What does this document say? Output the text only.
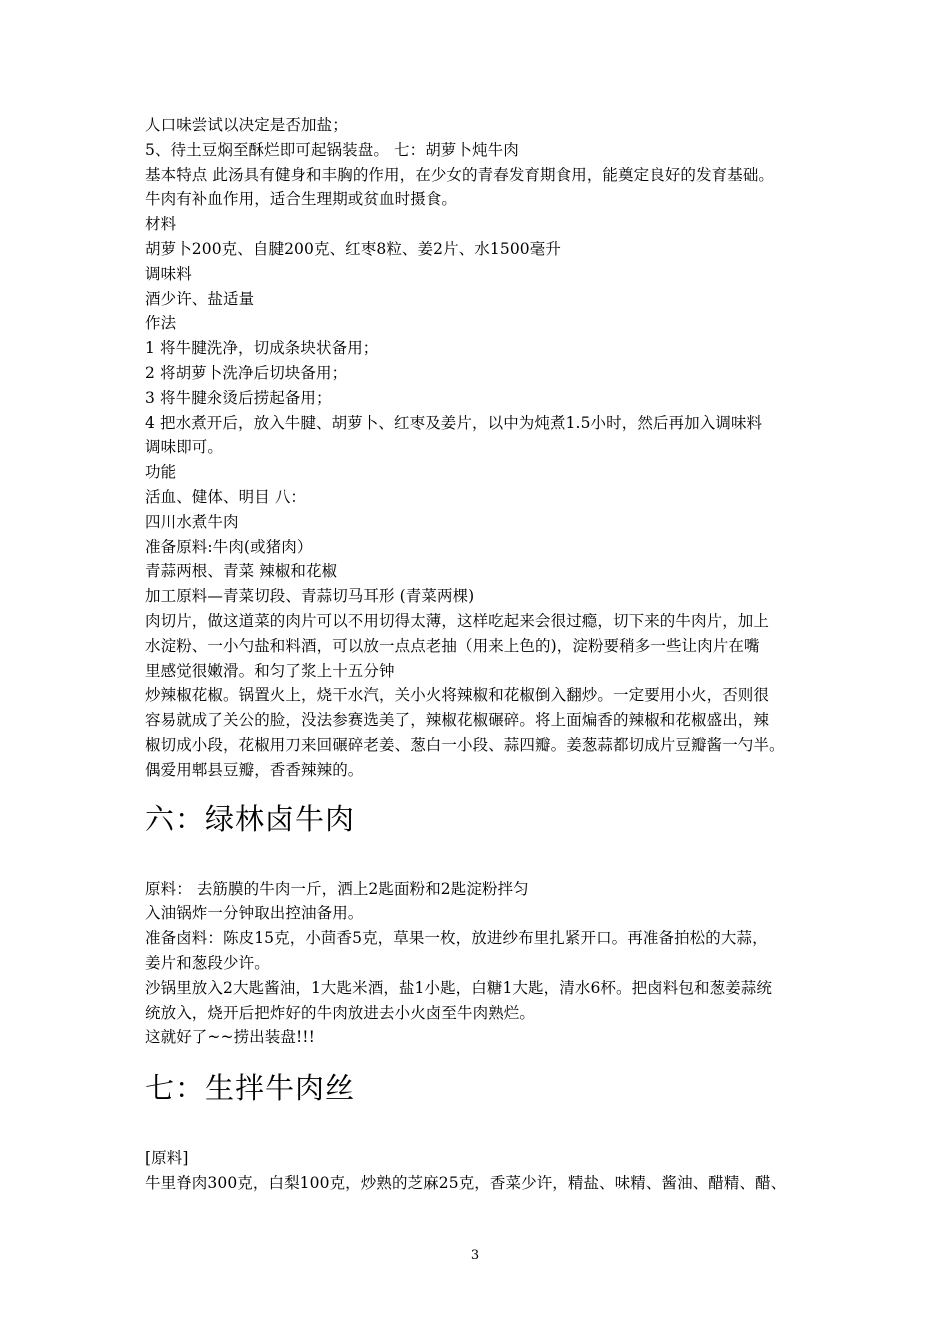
人口味尝试以决定是否加盐；
5、待土豆焖至酥烂即可起锅装盘。 七：胡萝卜炖牛肉
基本特点 此汤具有健身和丰胸的作用，在少女的青春发育期食用，能奠定良好的发育基础。
牛肉有补血作用，适合生理期或贫血时摄食。
材料
胡萝卜200克、自腱200克、红枣8粒、姜2片、水1500毫升
调味料
酒少许、盐适量
作法
1 将牛腱洗净，切成条块状备用；
2 将胡萝卜洗净后切块备用；
3 将牛腱氽烫后捞起备用；
4 把水煮开后，放入牛腱、胡萝卜、红枣及姜片，以中为炖煮1.5小时，然后再加入调味料
调味即可。
功能
活血、健体、明目 八：
四川水煮牛肉
准备原料:牛肉(或猪肉）
青蒜两根、青菜 辣椒和花椒
加工原料—青菜切段、青蒜切马耳形 (青菜两棵)
肉切片，做这道菜的肉片可以不用切得太薄，这样吃起来会很过瘾，切下来的牛肉片，加上
水淀粉、一小勺盐和料酒，可以放一点点老抽（用来上色的)，淀粉要稍多一些让肉片在嘴
里感觉很嫩滑。和匀了浆上十五分钟
炒辣椒花椒。锅置火上，烧干水汽，关小火将辣椒和花椒倒入翻炒。一定要用小火，否则很
容易就成了关公的脸，没法参赛选美了，辣椒花椒碾碎。将上面煸香的辣椒和花椒盛出，辣
椒切成小段，花椒用刀来回碾碎老姜、葱白一小段、蒜四瓣。姜葱蒜都切成片豆瓣酱一勺半。
偶爱用郫县豆瓣，香香辣辣的。
六：绿林卤牛肉
原料： 去筋膜的牛肉一斤，洒上2匙面粉和2匙淀粉拌匀
入油锅炸一分钟取出控油备用。
准备卤料：陈皮15克，小茴香5克，草果一枚，放进纱布里扎紧开口。再准备拍松的大蒜，
姜片和葱段少许。
沙锅里放入2大匙酱油，1大匙米酒，盐1小匙，白糖1大匙，清水6杯。把卤料包和葱姜蒜统
统放入，烧开后把炸好的牛肉放进去小火卤至牛肉熟烂。
这就好了~~捞出装盘!!!
七：生拌牛肉丝
[原料]
牛里脊肉300克，白梨100克，炒熟的芝麻25克，香菜少许，精盐、味精、酱油、醋精、醋、
3
